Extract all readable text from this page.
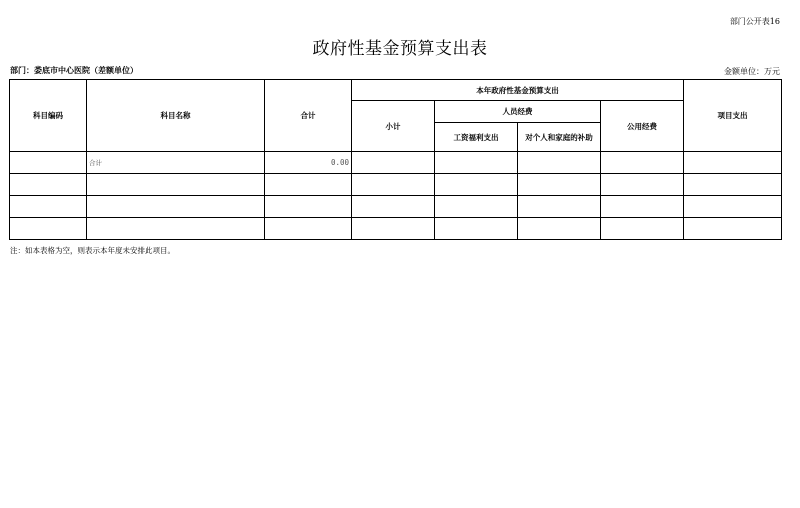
部门公开表16
政府性基金预算支出表
部门：娄底市中心医院（差额单位）	金额单位：万元
科目编码	科目名称	合计	本年政府性基金预算支出				项目支出
			小计	人员经费		公用经费	
				工资福利支出	对个人和家庭的补助		
	合计	0.00					

注：如本表格为空，则表示本年度未安排此项目。
